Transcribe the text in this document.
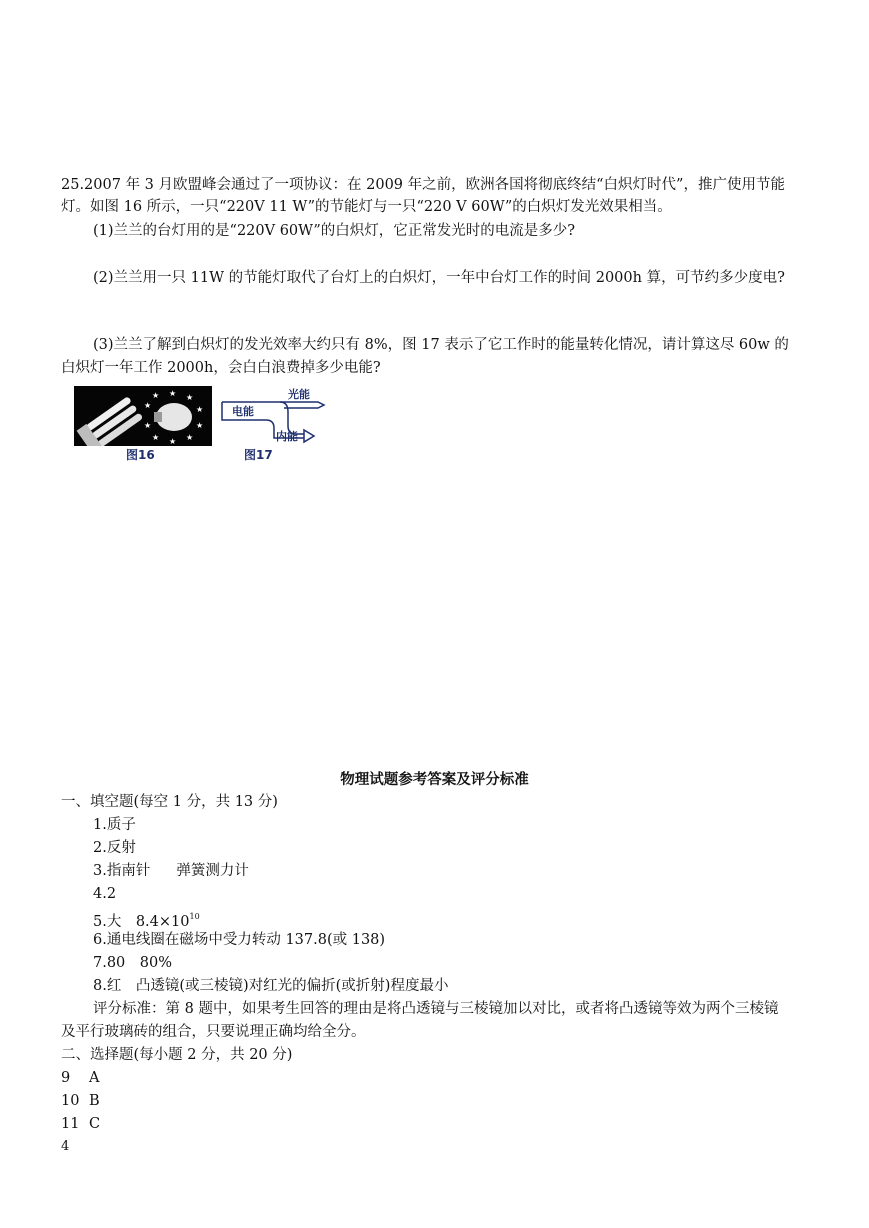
25.2007 年 3 月欧盟峰会通过了一项协议：在 2009 年之前，欧洲各国将彻底终结“白炽灯时代”，推广使用节能
灯。如图 16 所示，一只“220V 11 W”的节能灯与一只“220 V 60W”的白炽灯发光效果相当。
(1)兰兰的台灯用的是“220V 60W”的白炽灯，它正常发光时的电流是多少?
(2)兰兰用一只 11W 的节能灯取代了台灯上的白炽灯，一年中台灯工作的时间 2000h 算，可节约多少度电?
(3)兰兰了解到白炽灯的发光效率大约只有 8%，图 17 表示了它工作时的能量转化情况，请计算这尽 60w 的
白炽灯一年工作 2000h，会白白浪费掉多少电能?
★ ★
★
★
★
★
★
★
★
★
图16
电能
光能
内能
图17
物理试题参考答案及评分标准
一、填空题(每空 1 分，共 13 分)
1.质子
2.反射
3.指南针 弹簧测力计
4.2
5.大　$8.4\times 10^{10}$
6.通电线圈在磁场中受力转动 137.8(或 138)
7.80　80%
8.红　凸透镜(或三棱镜)对红光的偏折(或折射)程度最小
评分标准：第 8 题中，如果考生回答的理由是将凸透镜与三棱镜加以对比，或者将凸透镜等效为两个三棱镜
及平行玻璃砖的组合，只要说理正确均给全分。
二、选择题(每小题 2 分，共 20 分)
9 A
10 B
11 C
4
